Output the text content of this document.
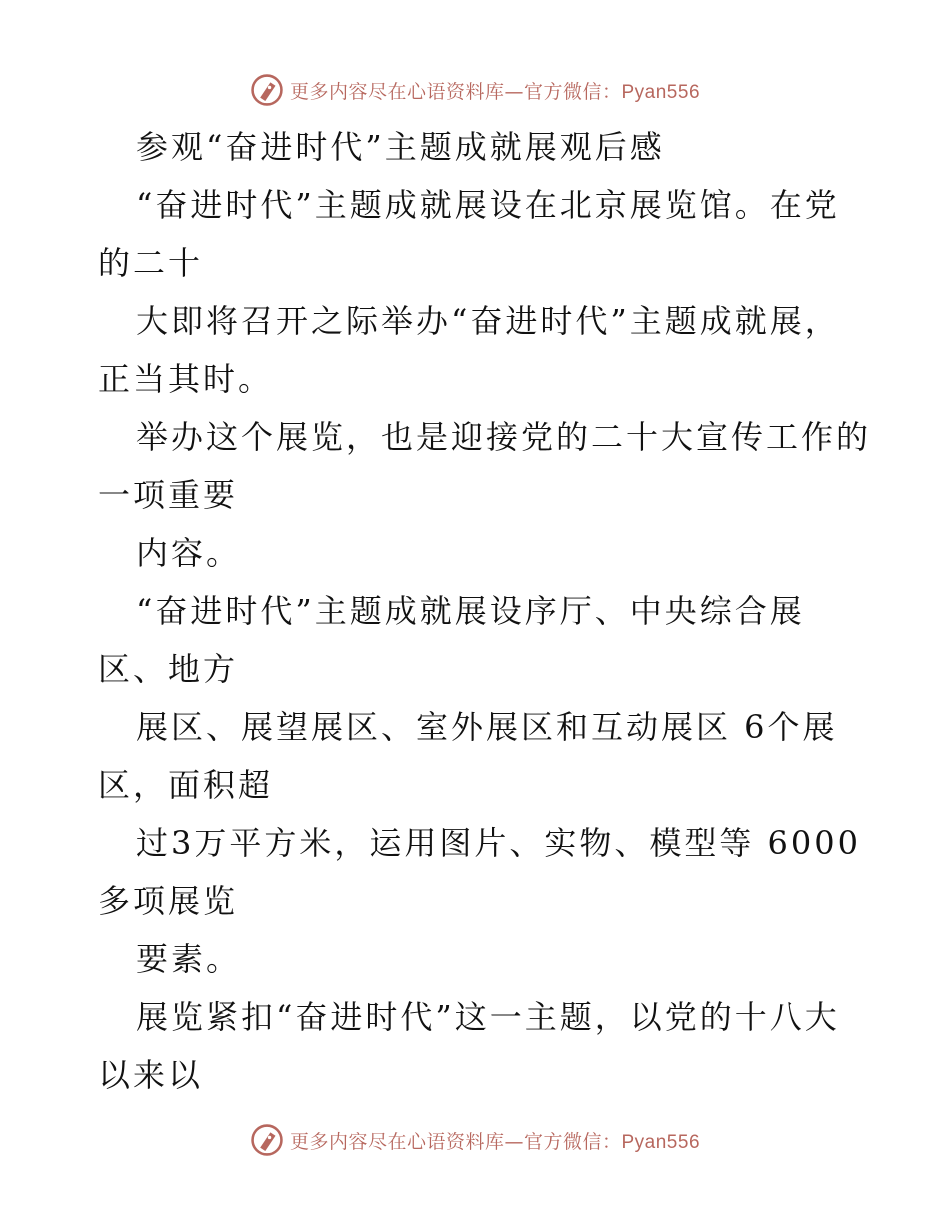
更多内容尽在心语资料库—官方微信：Pyan556
参观“奋进时代”主题成就展观后感
“奋进时代”主题成就展设在北京展览馆。在党
的二十
大即将召开之际举办“奋进时代”主题成就展，
正当其时。
举办这个展览，也是迎接党的二十大宣传工作的
一项重要
内容。
“奋进时代”主题成就展设序厅、中央综合展
区、地方
展区、展望展区、室外展区和互动展区 6个展
区，面积超
过3万平方米，运用图片、实物、模型等 6000
多项展览
要素。
展览紧扣“奋进时代”这一主题，以党的十八大
以来以
更多内容尽在心语资料库—官方微信：Pyan556
